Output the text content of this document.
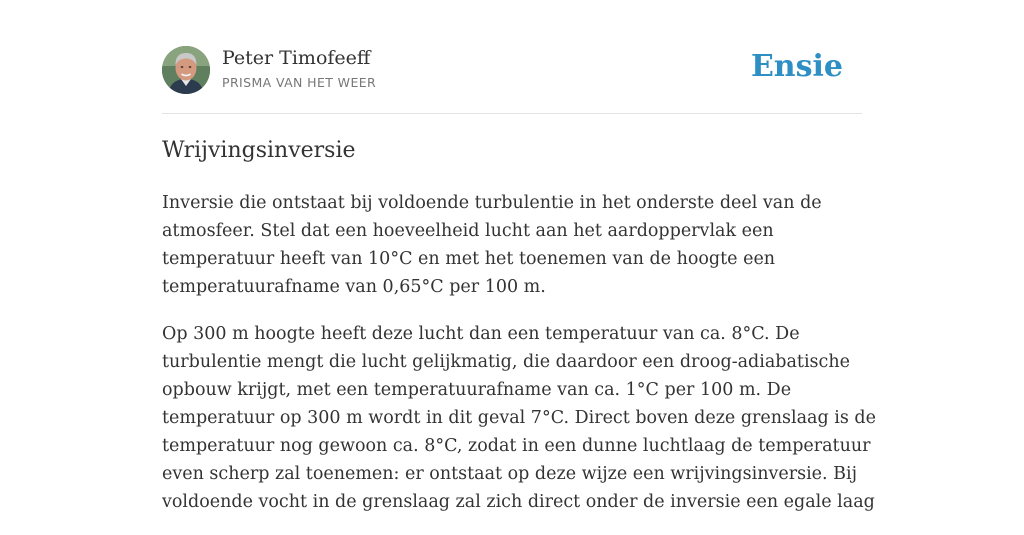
Peter Timofeeff
PRISMA VAN HET WEER	Ensie
Wrijvingsinversie
Inversie die ontstaat bij voldoende turbulentie in het onderste deel van de
atmosfeer. Stel dat een hoeveelheid lucht aan het aardoppervlak een
temperatuur heeft van 10°C en met het toenemen van de hoogte een
temperatuurafname van 0,65°C per 100 m.
Op 300 m hoogte heeft deze lucht dan een temperatuur van ca. 8°C. De
turbulentie mengt die lucht gelijkmatig, die daardoor een droog-adiabatische
opbouw krijgt, met een temperatuurafname van ca. 1°C per 100 m. De
temperatuur op 300 m wordt in dit geval 7°C. Direct boven deze grenslaag is de
temperatuur nog gewoon ca. 8°C, zodat in een dunne luchtlaag de temperatuur
even scherp zal toenemen: er ontstaat op deze wijze een wrijvingsinversie. Bij
voldoende vocht in de grenslaag zal zich direct onder de inversie een egale laag
